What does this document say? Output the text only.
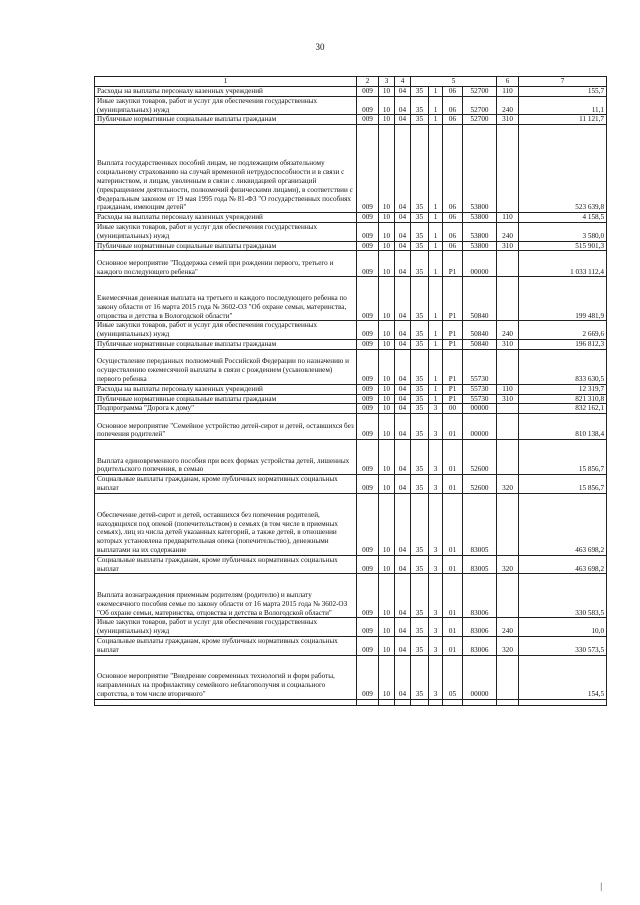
30
1	2	3	4	5				6	7
Расходы на выплаты персоналу казенных учреждений	009	10	04	35	1	06	52700	110	155,7
Иные закупки товаров, работ и услуг для обеспечения государственных (муниципальных) нужд	009	10	04	35	1	06	52700	240	11,1
Публичные нормативные социальные выплаты гражданам	009	10	04	35	1	06	52700	310	11 121,7
Выплата государственных пособий лицам, не подлежащим обязательному социальному страхованию на случай временной нетрудоспособности и в связи с материнством, и лицам, уволенным в связи с ликвидацией организаций (прекращением деятельности, полномочий физическими лицами), в соответствии с Федеральным законом от 19 мая 1995 года № 81-ФЗ "О государственных пособиях гражданам, имеющим детей"	009	10	04	35	1	06	53800		523 639,8
Расходы на выплаты персоналу казенных учреждений	009	10	04	35	1	06	53800	110	4 158,5
Иные закупки товаров, работ и услуг для обеспечения государственных (муниципальных) нужд	009	10	04	35	1	06	53800	240	3 580,0
Публичные нормативные социальные выплаты гражданам	009	10	04	35	1	06	53800	310	515 901,3
Основное мероприятие "Поддержка семей при рождении первого, третьего и каждого последующего ребенка"	009	10	04	35	1	Р1	00000		1 033 112,4
Ежемесячная денежная выплата на третьего и каждого последующего ребенка по закону области от 16 марта 2015 года № 3602-ОЗ "Об охране семьи, материнства, отцовства и детства в Вологодской области"	009	10	04	35	1	Р1	50840		199 481,9
Иные закупки товаров, работ и услуг для обеспечения государственных (муниципальных) нужд	009	10	04	35	1	Р1	50840	240	2 669,6
Публичные нормативные социальные выплаты гражданам	009	10	04	35	1	Р1	50840	310	196 812,3
Осуществление переданных полномочий Российской Федерации по назначению и осуществлению ежемесячной выплаты в связи с рождением (усыновлением) первого ребенка	009	10	04	35	1	Р1	55730		833 630,5
Расходы на выплаты персоналу казенных учреждений	009	10	04	35	1	Р1	55730	110	12 319,7
Публичные нормативные социальные выплаты гражданам	009	10	04	35	1	Р1	55730	310	821 310,8
Подпрограмма "Дорога к дому"	009	10	04	35	3	00	00000		832 162,1
Основное мероприятие "Семейное устройство детей-сирот и детей, оставшихся без попечения родителей"	009	10	04	35	3	01	00000		810 138,4
Выплата единовременного пособия при всех формах устройства детей, лишенных родительского попечения, в семью	009	10	04	35	3	01	52600		15 856,7
Социальные выплаты гражданам, кроме публичных нормативных социальных выплат	009	10	04	35	3	01	52600	320	15 856,7
Обеспечение детей-сирот и детей, оставшихся без попечения родителей, находящихся под опекой (попечительством) в семьях (в том числе в приемных семьях), лиц из числа детей указанных категорий, а также детей, в отношении которых установлена предварительная опека (попечительство), денежными выплатами на их содержание	009	10	04	35	3	01	83005		463 698,2
Социальные выплаты гражданам, кроме публичных нормативных социальных выплат	009	10	04	35	3	01	83005	320	463 698,2
Выплата вознаграждения приемным родителям (родителю) и выплату ежемесячного пособия семье по закону области от 16 марта 2015 года № 3602-ОЗ "Об охране семьи, материнства, отцовства и детства в Вологодской области"	009	10	04	35	3	01	83006		330 583,5
Иные закупки товаров, работ и услуг для обеспечения государственных (муниципальных) нужд	009	10	04	35	3	01	83006	240	10,0
Социальные выплаты гражданам, кроме публичных нормативных социальных выплат	009	10	04	35	3	01	83006	320	330 573,5
Основное мероприятие "Внедрение современных технологий и форм работы, направленных на профилактику семейного неблагополучия и социального сиротства, в том числе вторичного"	009	10	04	35	3	05	00000		154,5

|
